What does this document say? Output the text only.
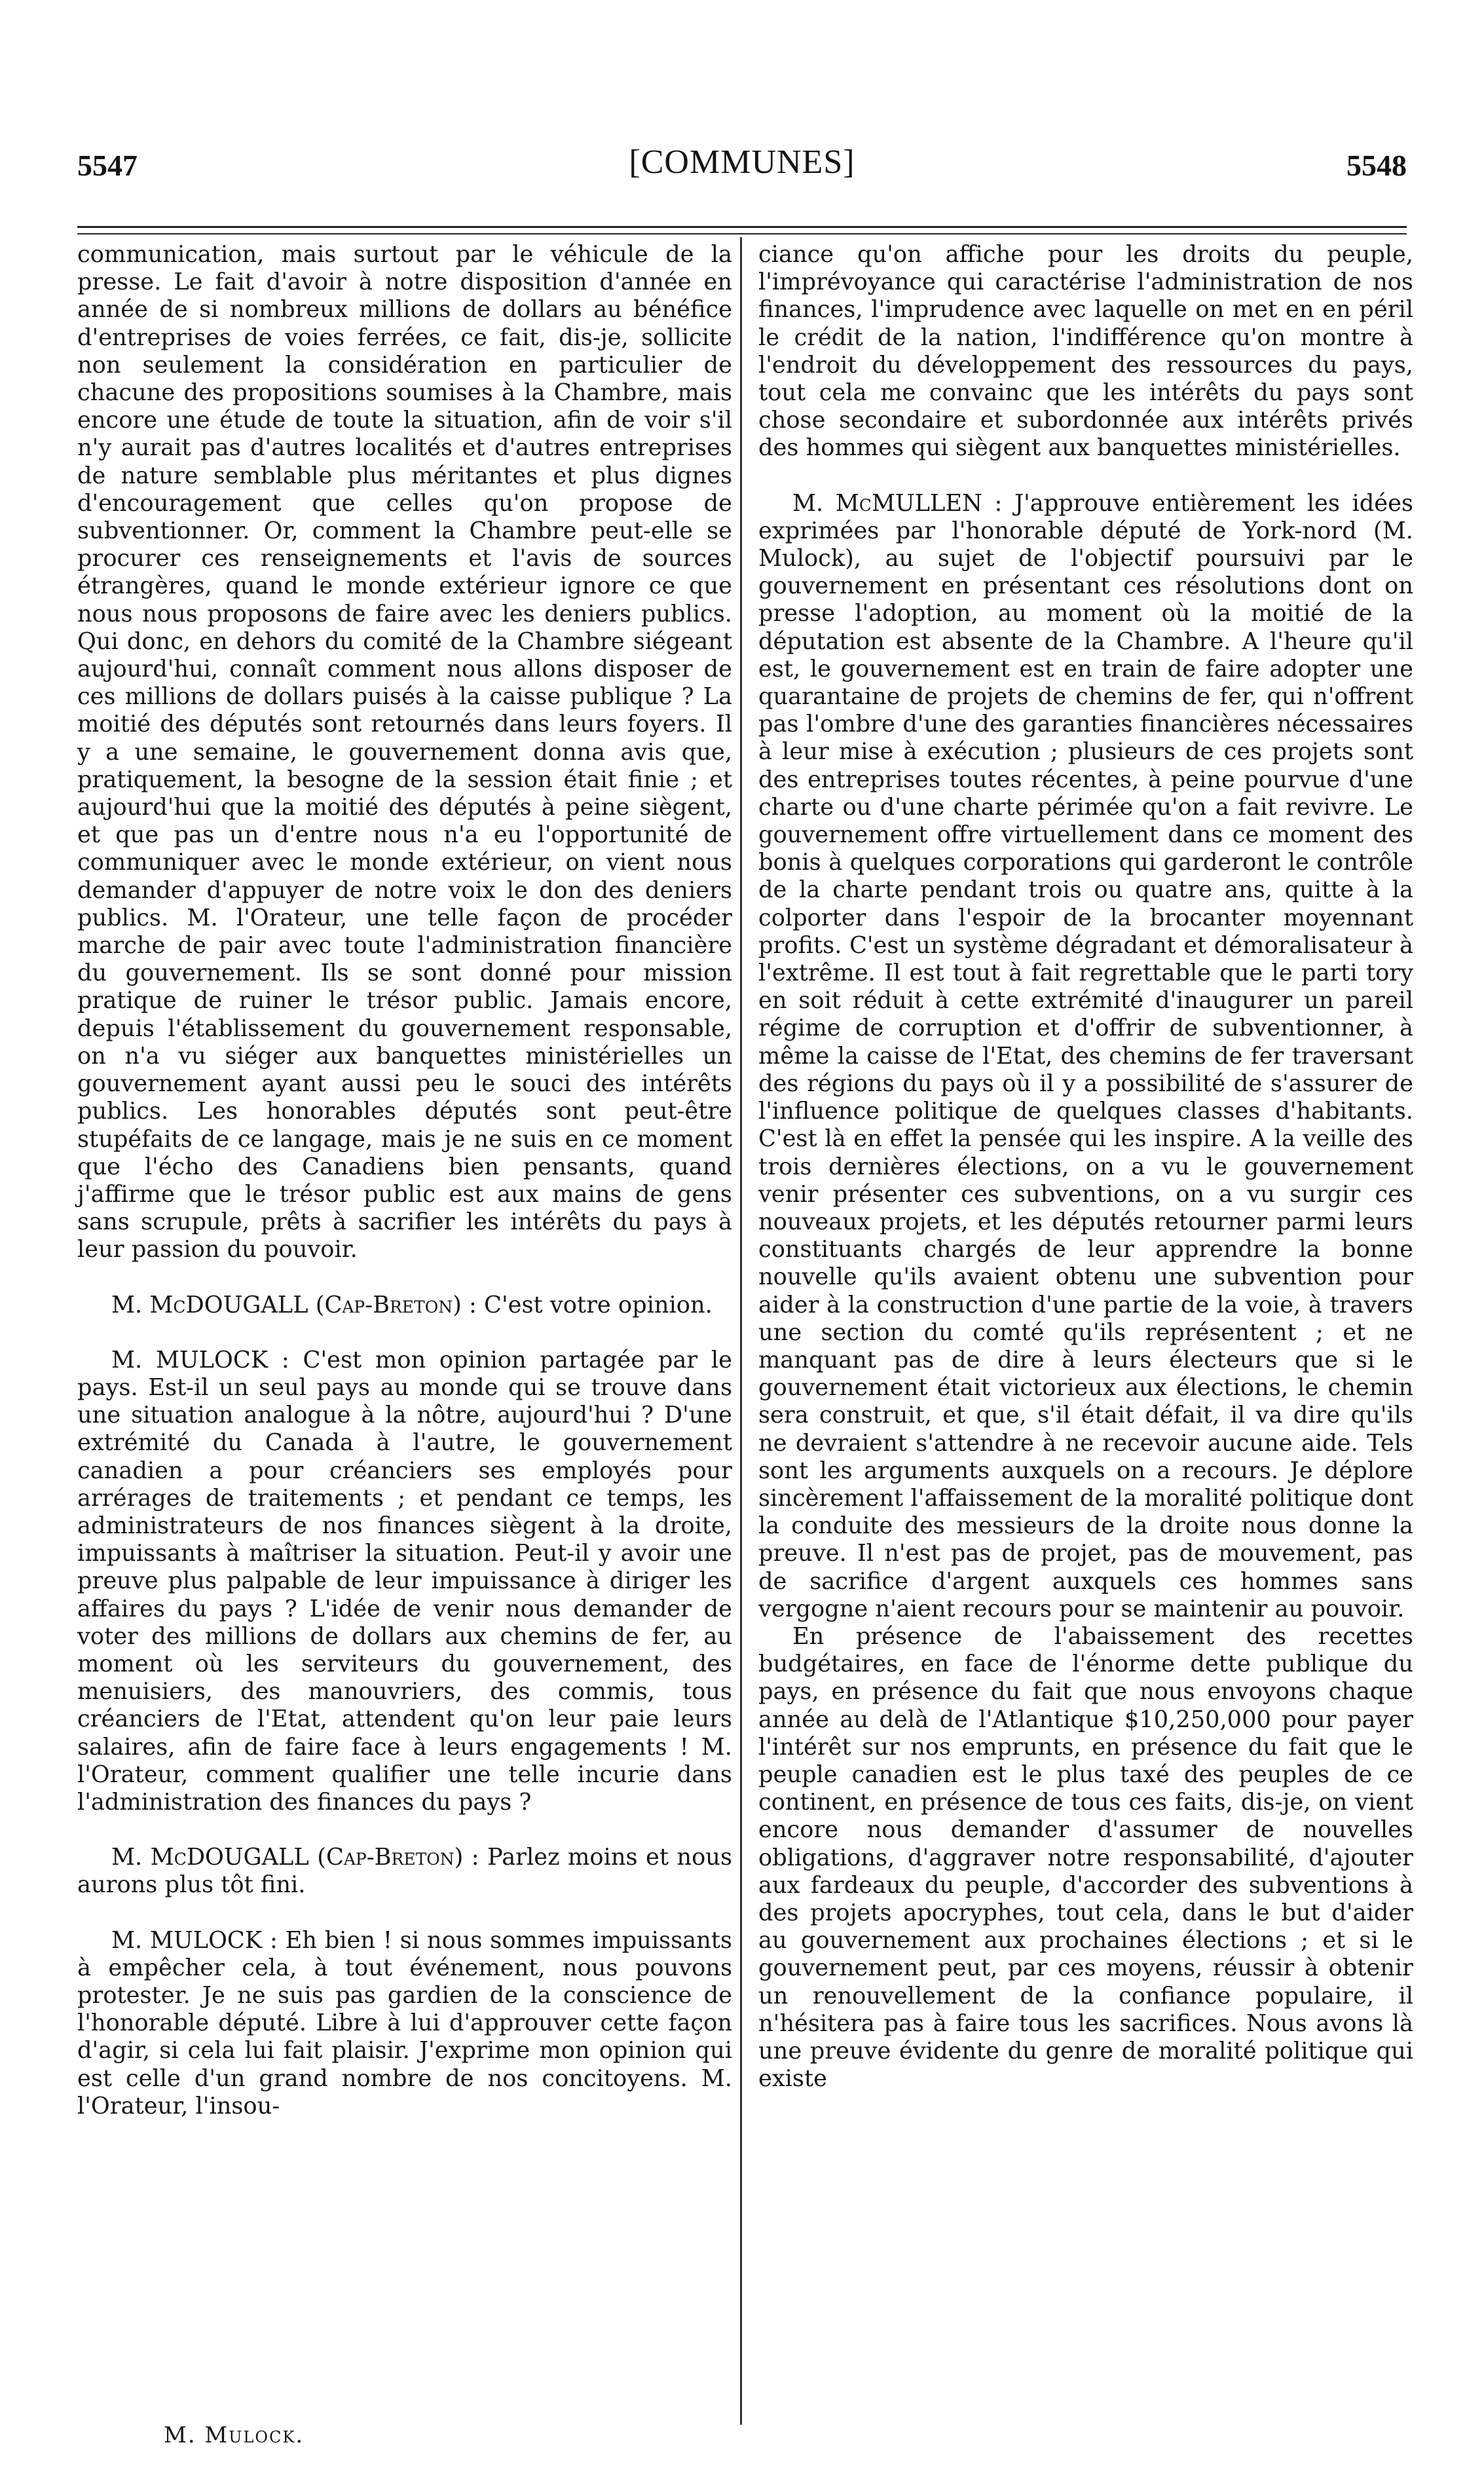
5547	[COMMUNES]	5548

communication, mais surtout par le véhicule de la presse. Le fait d'avoir à notre disposition d'année en année de si nombreux millions de dollars au bénéfice d'entreprises de voies ferrées, ce fait, dis-je, sollicite non seulement la considération en particulier de chacune des propositions soumises à la Chambre, mais encore une étude de toute la situation, afin de voir s'il n'y aurait pas d'autres localités et d'autres entreprises de nature semblable plus méritantes et plus dignes d'encouragement que celles qu'on propose de subventionner. Or, comment la Chambre peut-elle se procurer ces renseignements et l'avis de sources étrangères, quand le monde extérieur ignore ce que nous nous proposons de faire avec les deniers publics. Qui donc, en dehors du comité de la Chambre siégeant aujourd'hui, connaît comment nous allons disposer de ces millions de dollars puisés à la caisse publique ? La moitié des députés sont retournés dans leurs foyers. Il y a une semaine, le gouvernement donna avis que, pratiquement, la besogne de la session était finie ; et aujourd'hui que la moitié des députés à peine siègent, et que pas un d'entre nous n'a eu l'opportunité de communiquer avec le monde extérieur, on vient nous demander d'appuyer de notre voix le don des deniers publics. M. l'Orateur, une telle façon de procéder marche de pair avec toute l'administration financière du gouvernement. Ils se sont donné pour mission pratique de ruiner le trésor public. Jamais encore, depuis l'établissement du gouvernement responsable, on n'a vu siéger aux banquettes ministérielles un gouvernement ayant aussi peu le souci des intérêts publics. Les honorables députés sont peut-être stupéfaits de ce langage, mais je ne suis en ce moment que l'écho des Canadiens bien pensants, quand j'affirme que le trésor public est aux mains de gens sans scrupule, prêts à sacrifier les intérêts du pays à leur passion du pouvoir.

M. McDOUGALL (Cap-Breton) : C'est votre opinion.

M. MULOCK : C'est mon opinion partagée par le pays. Est-il un seul pays au monde qui se trouve dans une situation analogue à la nôtre, aujourd'hui ? D'une extrémité du Canada à l'autre, le gouvernement canadien a pour créanciers ses employés pour arrérages de traitements ; et pendant ce temps, les administrateurs de nos finances siègent à la droite, impuissants à maîtriser la situation. Peut-il y avoir une preuve plus palpable de leur impuissance à diriger les affaires du pays ? L'idée de venir nous demander de voter des millions de dollars aux chemins de fer, au moment où les serviteurs du gouvernement, des menuisiers, des manouvriers, des commis, tous créanciers de l'Etat, attendent qu'on leur paie leurs salaires, afin de faire face à leurs engagements ! M. l'Orateur, comment qualifier une telle incurie dans l'administration des finances du pays ?

M. McDOUGALL (Cap-Breton) : Parlez moins et nous aurons plus tôt fini.

M. MULOCK : Eh bien ! si nous sommes impuissants à empêcher cela, à tout événement, nous pouvons protester. Je ne suis pas gardien de la conscience de l'honorable député. Libre à lui d'approuver cette façon d'agir, si cela lui fait plaisir. J'exprime mon opinion qui est celle d'un grand nombre de nos concitoyens. M. l'Orateur, l'insou-

ciance qu'on affiche pour les droits du peuple, l'imprévoyance qui caractérise l'administration de nos finances, l'imprudence avec laquelle on met en en péril le crédit de la nation, l'indifférence qu'on montre à l'endroit du développement des ressources du pays, tout cela me convainc que les intérêts du pays sont chose secondaire et subordonnée aux intérêts privés des hommes qui siègent aux banquettes ministérielles.

M. McMULLEN : J'approuve entièrement les idées exprimées par l'honorable député de York-nord (M. Mulock), au sujet de l'objectif poursuivi par le gouvernement en présentant ces résolutions dont on presse l'adoption, au moment où la moitié de la députation est absente de la Chambre. A l'heure qu'il est, le gouvernement est en train de faire adopter une quarantaine de projets de chemins de fer, qui n'offrent pas l'ombre d'une des garanties financières nécessaires à leur mise à exécution ; plusieurs de ces projets sont des entreprises toutes récentes, à peine pourvue d'une charte ou d'une charte périmée qu'on a fait revivre. Le gouvernement offre virtuellement dans ce moment des bonis à quelques corporations qui garderont le contrôle de la charte pendant trois ou quatre ans, quitte à la colporter dans l'espoir de la brocanter moyennant profits. C'est un système dégradant et démoralisateur à l'extrême. Il est tout à fait regrettable que le parti tory en soit réduit à cette extrémité d'inaugurer un pareil régime de corruption et d'offrir de subventionner, à même la caisse de l'Etat, des chemins de fer traversant des régions du pays où il y a possibilité de s'assurer de l'influence politique de quelques classes d'habitants. C'est là en effet la pensée qui les inspire. A la veille des trois dernières élections, on a vu le gouvernement venir présenter ces subventions, on a vu surgir ces nouveaux projets, et les députés retourner parmi leurs constituants chargés de leur apprendre la bonne nouvelle qu'ils avaient obtenu une subvention pour aider à la construction d'une partie de la voie, à travers une section du comté qu'ils représentent ; et ne manquant pas de dire à leurs électeurs que si le gouvernement était victorieux aux élections, le chemin sera construit, et que, s'il était défait, il va dire qu'ils ne devraient s'attendre à ne recevoir aucune aide. Tels sont les arguments auxquels on a recours. Je déplore sincèrement l'affaissement de la moralité politique dont la conduite des messieurs de la droite nous donne la preuve. Il n'est pas de projet, pas de mouvement, pas de sacrifice d'argent auxquels ces hommes sans vergogne n'aient recours pour se maintenir au pouvoir.

En présence de l'abaissement des recettes budgétaires, en face de l'énorme dette publique du pays, en présence du fait que nous envoyons chaque année au delà de l'Atlantique $10,250,000 pour payer l'intérêt sur nos emprunts, en présence du fait que le peuple canadien est le plus taxé des peuples de ce continent, en présence de tous ces faits, dis-je, on vient encore nous demander d'assumer de nouvelles obligations, d'aggraver notre responsabilité, d'ajouter aux fardeaux du peuple, d'accorder des subventions à des projets apocryphes, tout cela, dans le but d'aider au gouvernement aux prochaines élections ; et si le gouvernement peut, par ces moyens, réussir à obtenir un renouvellement de la confiance populaire, il n'hésitera pas à faire tous les sacrifices. Nous avons là une preuve évidente du genre de moralité politique qui existe

M. Mulock.
